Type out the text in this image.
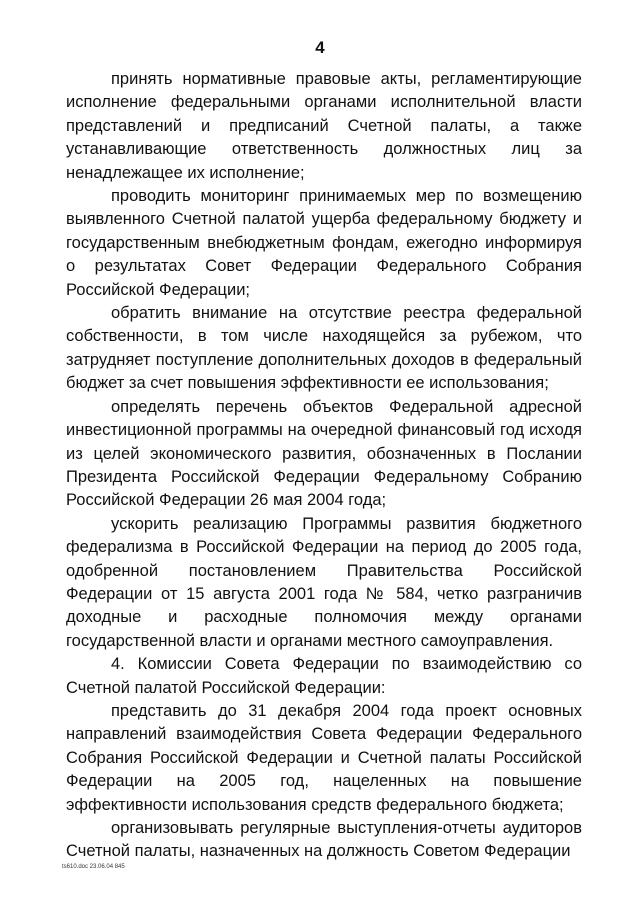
4

принять нормативные правовые акты, регламентирующие исполнение федеральными органами исполнительной власти представлений и предписаний Счетной палаты, а также устанавливающие ответственность должностных лиц за ненадлежащее их исполнение;

проводить мониторинг принимаемых мер по возмещению выявленного Счетной палатой ущерба федеральному бюджету и государственным внебюджетным фондам, ежегодно информируя о результатах Совет Федерации Федерального Собрания Российской Федерации;

обратить внимание на отсутствие реестра федеральной собственности, в том числе находящейся за рубежом, что затрудняет поступление дополнительных доходов в федеральный бюджет за счет повышения эффективности ее использования;

определять перечень объектов Федеральной адресной инвестиционной программы на очередной финансовый год исходя из целей экономического развития, обозначенных в Послании Президента Российской Федерации Федеральному Собранию Российской Федерации 26 мая 2004 года;

ускорить реализацию Программы развития бюджетного федерализма в Российской Федерации на период до 2005 года, одобренной постановлением Правительства Российской Федерации от 15 августа 2001 года № 584, четко разграничив доходные и расходные полномочия между органами государственной власти и органами местного самоуправления.

4. Комиссии Совета Федерации по взаимодействию со Счетной палатой Российской Федерации:

представить до 31 декабря 2004 года проект основных направлений взаимодействия Совета Федерации Федерального Собрания Российской Федерации и Счетной палаты Российской Федерации на 2005 год, нацеленных на повышение эффективности использования средств федерального бюджета;

организовывать регулярные выступления-отчеты аудиторов Счетной палаты, назначенных на должность Советом Федерации

ts610.doc 23.06.04 845
